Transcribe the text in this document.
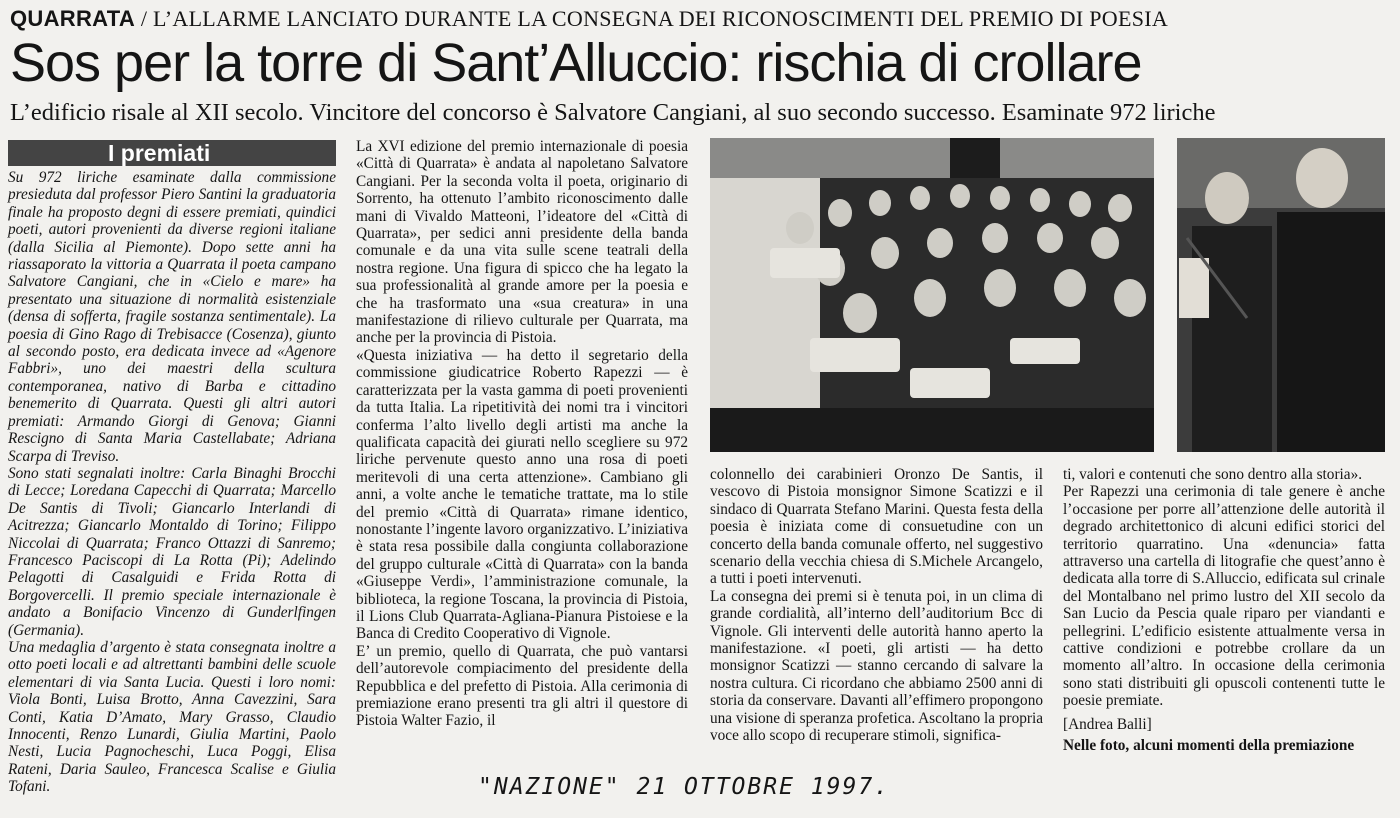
QUARRATA / L’ALLARME LANCIATO DURANTE LA CONSEGNA DEI RICONOSCIMENTI DEL PREMIO DI POESIA
Sos per la torre di Sant’Alluccio: rischia di crollare
L’edificio risale al XII secolo. Vincitore del concorso è Salvatore Cangiani, al suo secondo successo. Esaminate 972 liriche
I premiati

Su 972 liriche esaminate dalla commissione presieduta dal professor Piero Santini la graduatoria finale ha proposto degni di essere premiati, quindici poeti, autori provenienti da diverse regioni italiane (dalla Sicilia al Piemonte). Dopo sette anni ha riassaporato la vittoria a Quarrata il poeta campano Salvatore Cangiani, che in «Cielo e mare» ha presentato una situazione di normalità esistenziale (densa di sofferta, fragile sostanza sentimentale). La poesia di Gino Rago di Trebisacce (Cosenza), giunto al secondo posto, era dedicata invece ad «Agenore Fabbri», uno dei maestri della scultura contemporanea, nativo di Barba e cittadino benemerito di Quarrata. Questi gli altri autori premiati: Armando Giorgi di Genova; Gianni Rescigno di Santa Maria Castellabate; Adriana Scarpa di Treviso.

Sono stati segnalati inoltre: Carla Binaghi Brocchi di Lecce; Loredana Capecchi di Quarrata; Marcello De Santis di Tivoli; Giancarlo Interlandi di Acitrezza; Giancarlo Montaldo di Torino; Filippo Niccolai di Quarrata; Franco Ottazzi di Sanremo; Francesco Paciscopi di La Rotta (Pi); Adelindo Pelagotti di Casalguidi e Frida Rotta di Borgovercelli. Il premio speciale internazionale è andato a Bonifacio Vincenzo di Gunderlfingen (Germania).

Una medaglia d’argento è stata consegnata inoltre a otto poeti locali e ad altrettanti bambini delle scuole elementari di via Santa Lucia. Questi i loro nomi: Viola Bonti, Luisa Brotto, Anna Cavezzini, Sara Conti, Katia D’Amato, Mary Grasso, Claudio Innocenti, Renzo Lunardi, Giulia Martini, Paolo Nesti, Lucia Pagnocheschi, Luca Poggi, Elisa Rateni, Daria Sauleo, Francesca Scalise e Giulia Tofani.

La XVI edizione del premio internazionale di poesia «Città di Quarrata» è andata al napoletano Salvatore Cangiani. Per la seconda volta il poeta, originario di Sorrento, ha ottenuto l’ambito riconoscimento dalle mani di Vivaldo Matteoni, l’ideatore del «Città di Quarrata», per sedici anni presidente della banda comunale e da una vita sulle scene teatrali della nostra regione. Una figura di spicco che ha legato la sua professionalità al grande amore per la poesia e che ha trasformato una «sua creatura» in una manifestazione di rilievo culturale per Quarrata, ma anche per la provincia di Pistoia.

«Questa iniziativa — ha detto il segretario della commissione giudicatrice Roberto Rapezzi — è caratterizzata per la vasta gamma di poeti provenienti da tutta Italia. La ripetitività dei nomi tra i vincitori conferma l’alto livello degli artisti ma anche la qualificata capacità dei giurati nello scegliere su 972 liriche pervenute questo anno una rosa di poeti meritevoli di una certa attenzione». Cambiano gli anni, a volte anche le tematiche trattate, ma lo stile del premio «Città di Quarrata» rimane identico, nonostante l’ingente lavoro organizzativo. L’iniziativa è stata resa possibile dalla congiunta collaborazione del gruppo culturale «Città di Quarrata» con la banda «Giuseppe Verdi», l’amministrazione comunale, la biblioteca, la regione Toscana, la provincia di Pistoia, il Lions Club Quarrata-Agliana-Pianura Pistoiese e la Banca di Credito Cooperativo di Vignole.

E’ un premio, quello di Quarrata, che può vantarsi dell’autorevole compiacimento del presidente della Repubblica e del prefetto di Pistoia. Alla cerimonia di premiazione erano presenti tra gli altri il questore di Pistoia Walter Fazio, il

colonnello dei carabinieri Oronzo De Santis, il vescovo di Pistoia monsignor Simone Scatizzi e il sindaco di Quarrata Stefano Marini. Questa festa della poesia è iniziata come di consuetudine con un concerto della banda comunale offerto, nel suggestivo scenario della vecchia chiesa di S.Michele Arcangelo, a tutti i poeti intervenuti.

La consegna dei premi si è tenuta poi, in un clima di grande cordialità, all’interno dell’auditorium Bcc di Vignole. Gli interventi delle autorità hanno aperto la manifestazione. «I poeti, gli artisti — ha detto monsignor Scatizzi — stanno cercando di salvare la nostra cultura. Ci ricordano che abbiamo 2500 anni di storia da conservare. Davanti all’effimero propongono una visione di speranza profetica. Ascoltano la propria voce allo scopo di recuperare stimoli, significa-

ti, valori e contenuti che sono dentro alla storia».

Per Rapezzi una cerimonia di tale genere è anche l’occasione per porre all’attenzione delle autorità il degrado architettonico di alcuni edifici storici del territorio quarratino. Una «denuncia» fatta attraverso una cartella di litografie che quest’anno è dedicata alla torre di S.Alluccio, edificata sul crinale del Montalbano nel primo lustro del XII secolo da San Lucio da Pescia quale riparo per viandanti e pellegrini. L’edificio esistente attualmente versa in cattive condizioni e potrebbe crollare da un momento all’altro. In occasione della cerimonia sono stati distribuiti gli opuscoli contenenti tutte le poesie premiate.

[Andrea Balli]

Nelle foto, alcuni momenti della premiazione

"NAZIONE" 21 OTTOBRE 1997.
